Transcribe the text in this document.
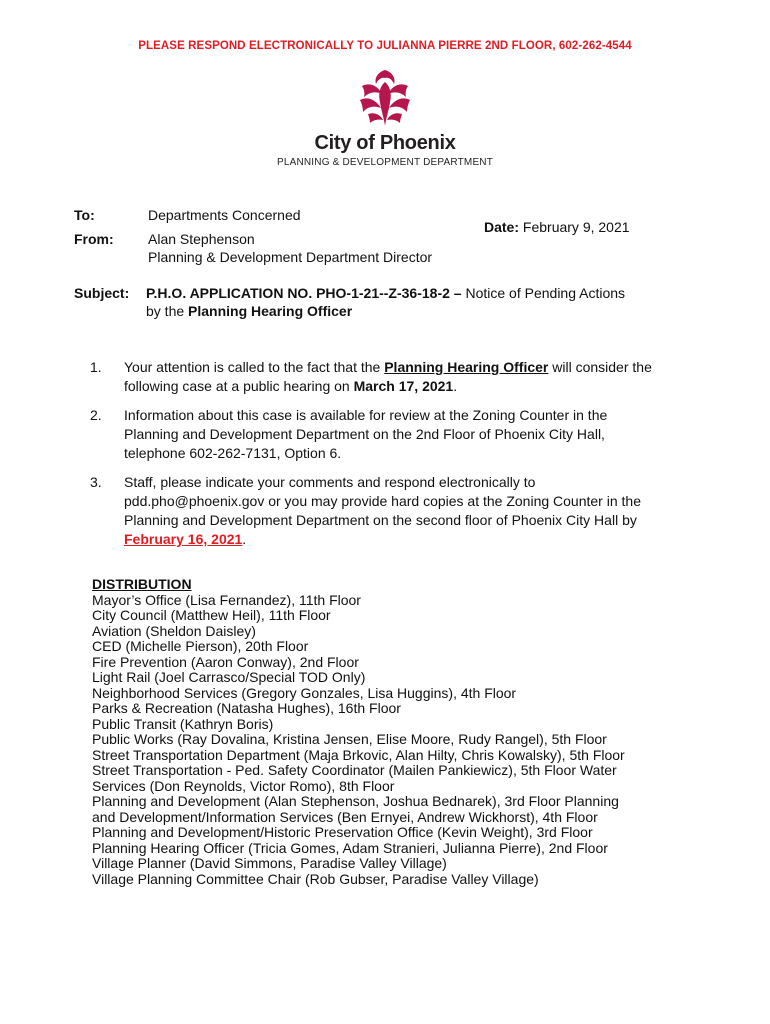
PLEASE RESPOND ELECTRONICALLY TO JULIANNA PIERRE 2ND FLOOR, 602-262-4544
City of Phoenix
PLANNING & DEVELOPMENT DEPARTMENT
To:	Departments Concerned
Date: February 9, 2021
From: Alan Stephenson
Planning & Development Department Director
Subject: P.H.O. APPLICATION NO. PHO-1-21--Z-36-18-2 – Notice of Pending Actions
by the Planning Hearing Officer
1. Your attention is called to the fact that the Planning Hearing Officer will consider the following case at a public hearing on March 17, 2021.
2. Information about this case is available for review at the Zoning Counter in the Planning and Development Department on the 2nd Floor of Phoenix City Hall, telephone 602-262-7131, Option 6.
3. Staff, please indicate your comments and respond electronically to pdd.pho@phoenix.gov or you may provide hard copies at the Zoning Counter in the Planning and Development Department on the second floor of Phoenix City Hall by February 16, 2021.
DISTRIBUTION
Mayor’s Office (Lisa Fernandez), 11th Floor
City Council (Matthew Heil), 11th Floor
Aviation (Sheldon Daisley)
CED (Michelle Pierson), 20th Floor
Fire Prevention (Aaron Conway), 2nd Floor
Light Rail (Joel Carrasco/Special TOD Only)
Neighborhood Services (Gregory Gonzales, Lisa Huggins), 4th Floor
Parks & Recreation (Natasha Hughes), 16th Floor
Public Transit (Kathryn Boris)
Public Works (Ray Dovalina, Kristina Jensen, Elise Moore, Rudy Rangel), 5th Floor
Street Transportation Department (Maja Brkovic, Alan Hilty, Chris Kowalsky), 5th Floor
Street Transportation - Ped. Safety Coordinator (Mailen Pankiewicz), 5th Floor Water
Services (Don Reynolds, Victor Romo), 8th Floor
Planning and Development (Alan Stephenson, Joshua Bednarek), 3rd Floor Planning
and Development/Information Services (Ben Ernyei, Andrew Wickhorst), 4th Floor
Planning and Development/Historic Preservation Office (Kevin Weight), 3rd Floor
Planning Hearing Officer (Tricia Gomes, Adam Stranieri, Julianna Pierre), 2nd Floor
Village Planner (David Simmons, Paradise Valley Village)
Village Planning Committee Chair (Rob Gubser, Paradise Valley Village)
